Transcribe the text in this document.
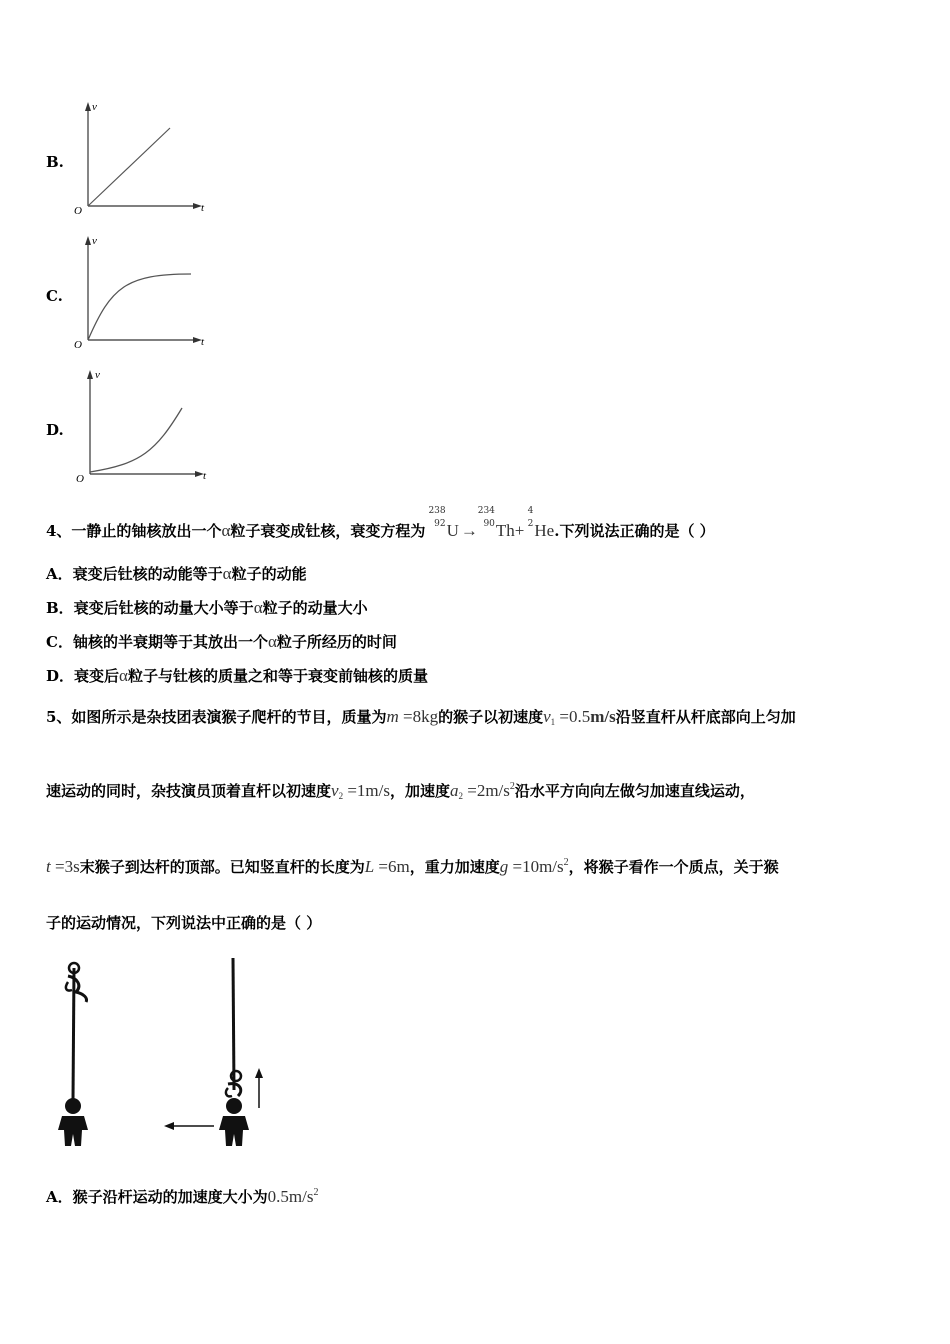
B.
v
t
O
C.
v
t
O
D.
v
t
O
4、一静止的铀核放出一个α粒子衰变成钍核，衰变方程为
238
92 U →
234
90 Th+
4
2 He.下列说法正确的是（ ）
A．衰变后钍核的动能等于α粒子的动能
B．衰变后钍核的动量大小等于α粒子的动量大小
C．铀核的半衰期等于其放出一个α粒子所经历的时间
D．衰变后α粒子与钍核的质量之和等于衰变前铀核的质量
5、如图所示是杂技团表演猴子爬杆的节目，质量为m =8kg的猴子以初速度$v_1 =0.5m/s$沿竖直杆从杆底部向上匀加
速运动的同时，杂技演员顶着直杆以初速度$v_2 =1m/s$，加速度$a_2 =2m/s^2$沿水平方向向左做匀加速直线运动，
t =3s末猴子到达杆的顶部。已知竖直杆的长度为L =6m，重力加速度$g =10m/s^2$，将猴子看作一个质点，关于猴
子的运动情况，下列说法中正确的是（ ）
A．猴子沿杆运动的加速度大小为$0.5m/s^2$
